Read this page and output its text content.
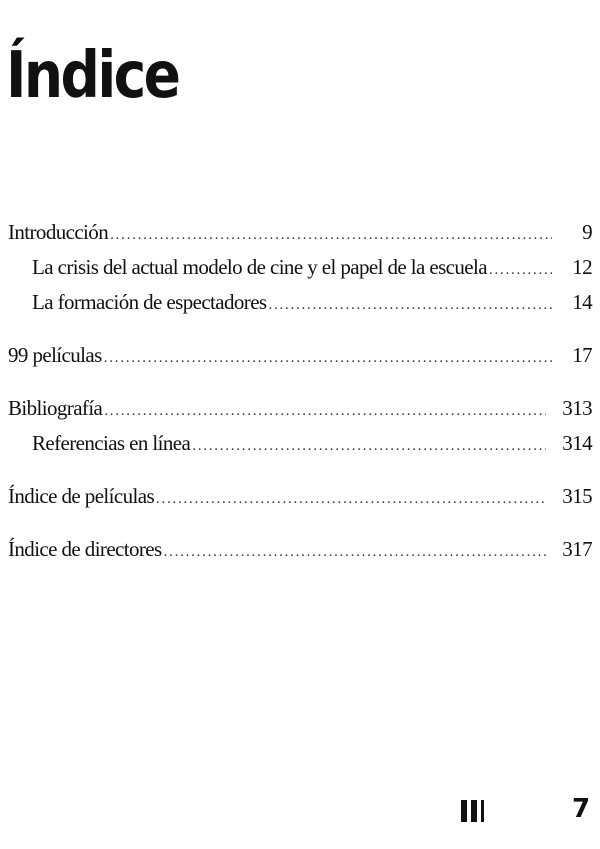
Índice
Introducción . . .	9
La crisis del actual modelo de cine y el papel de la escuela . . .	12
La formación de espectadores . . .	14
99 películas . . .	17
Bibliografía . . .	313
Referencias en línea . . .	314
Índice de películas . . .	315
Índice de directores . . .	317
7
